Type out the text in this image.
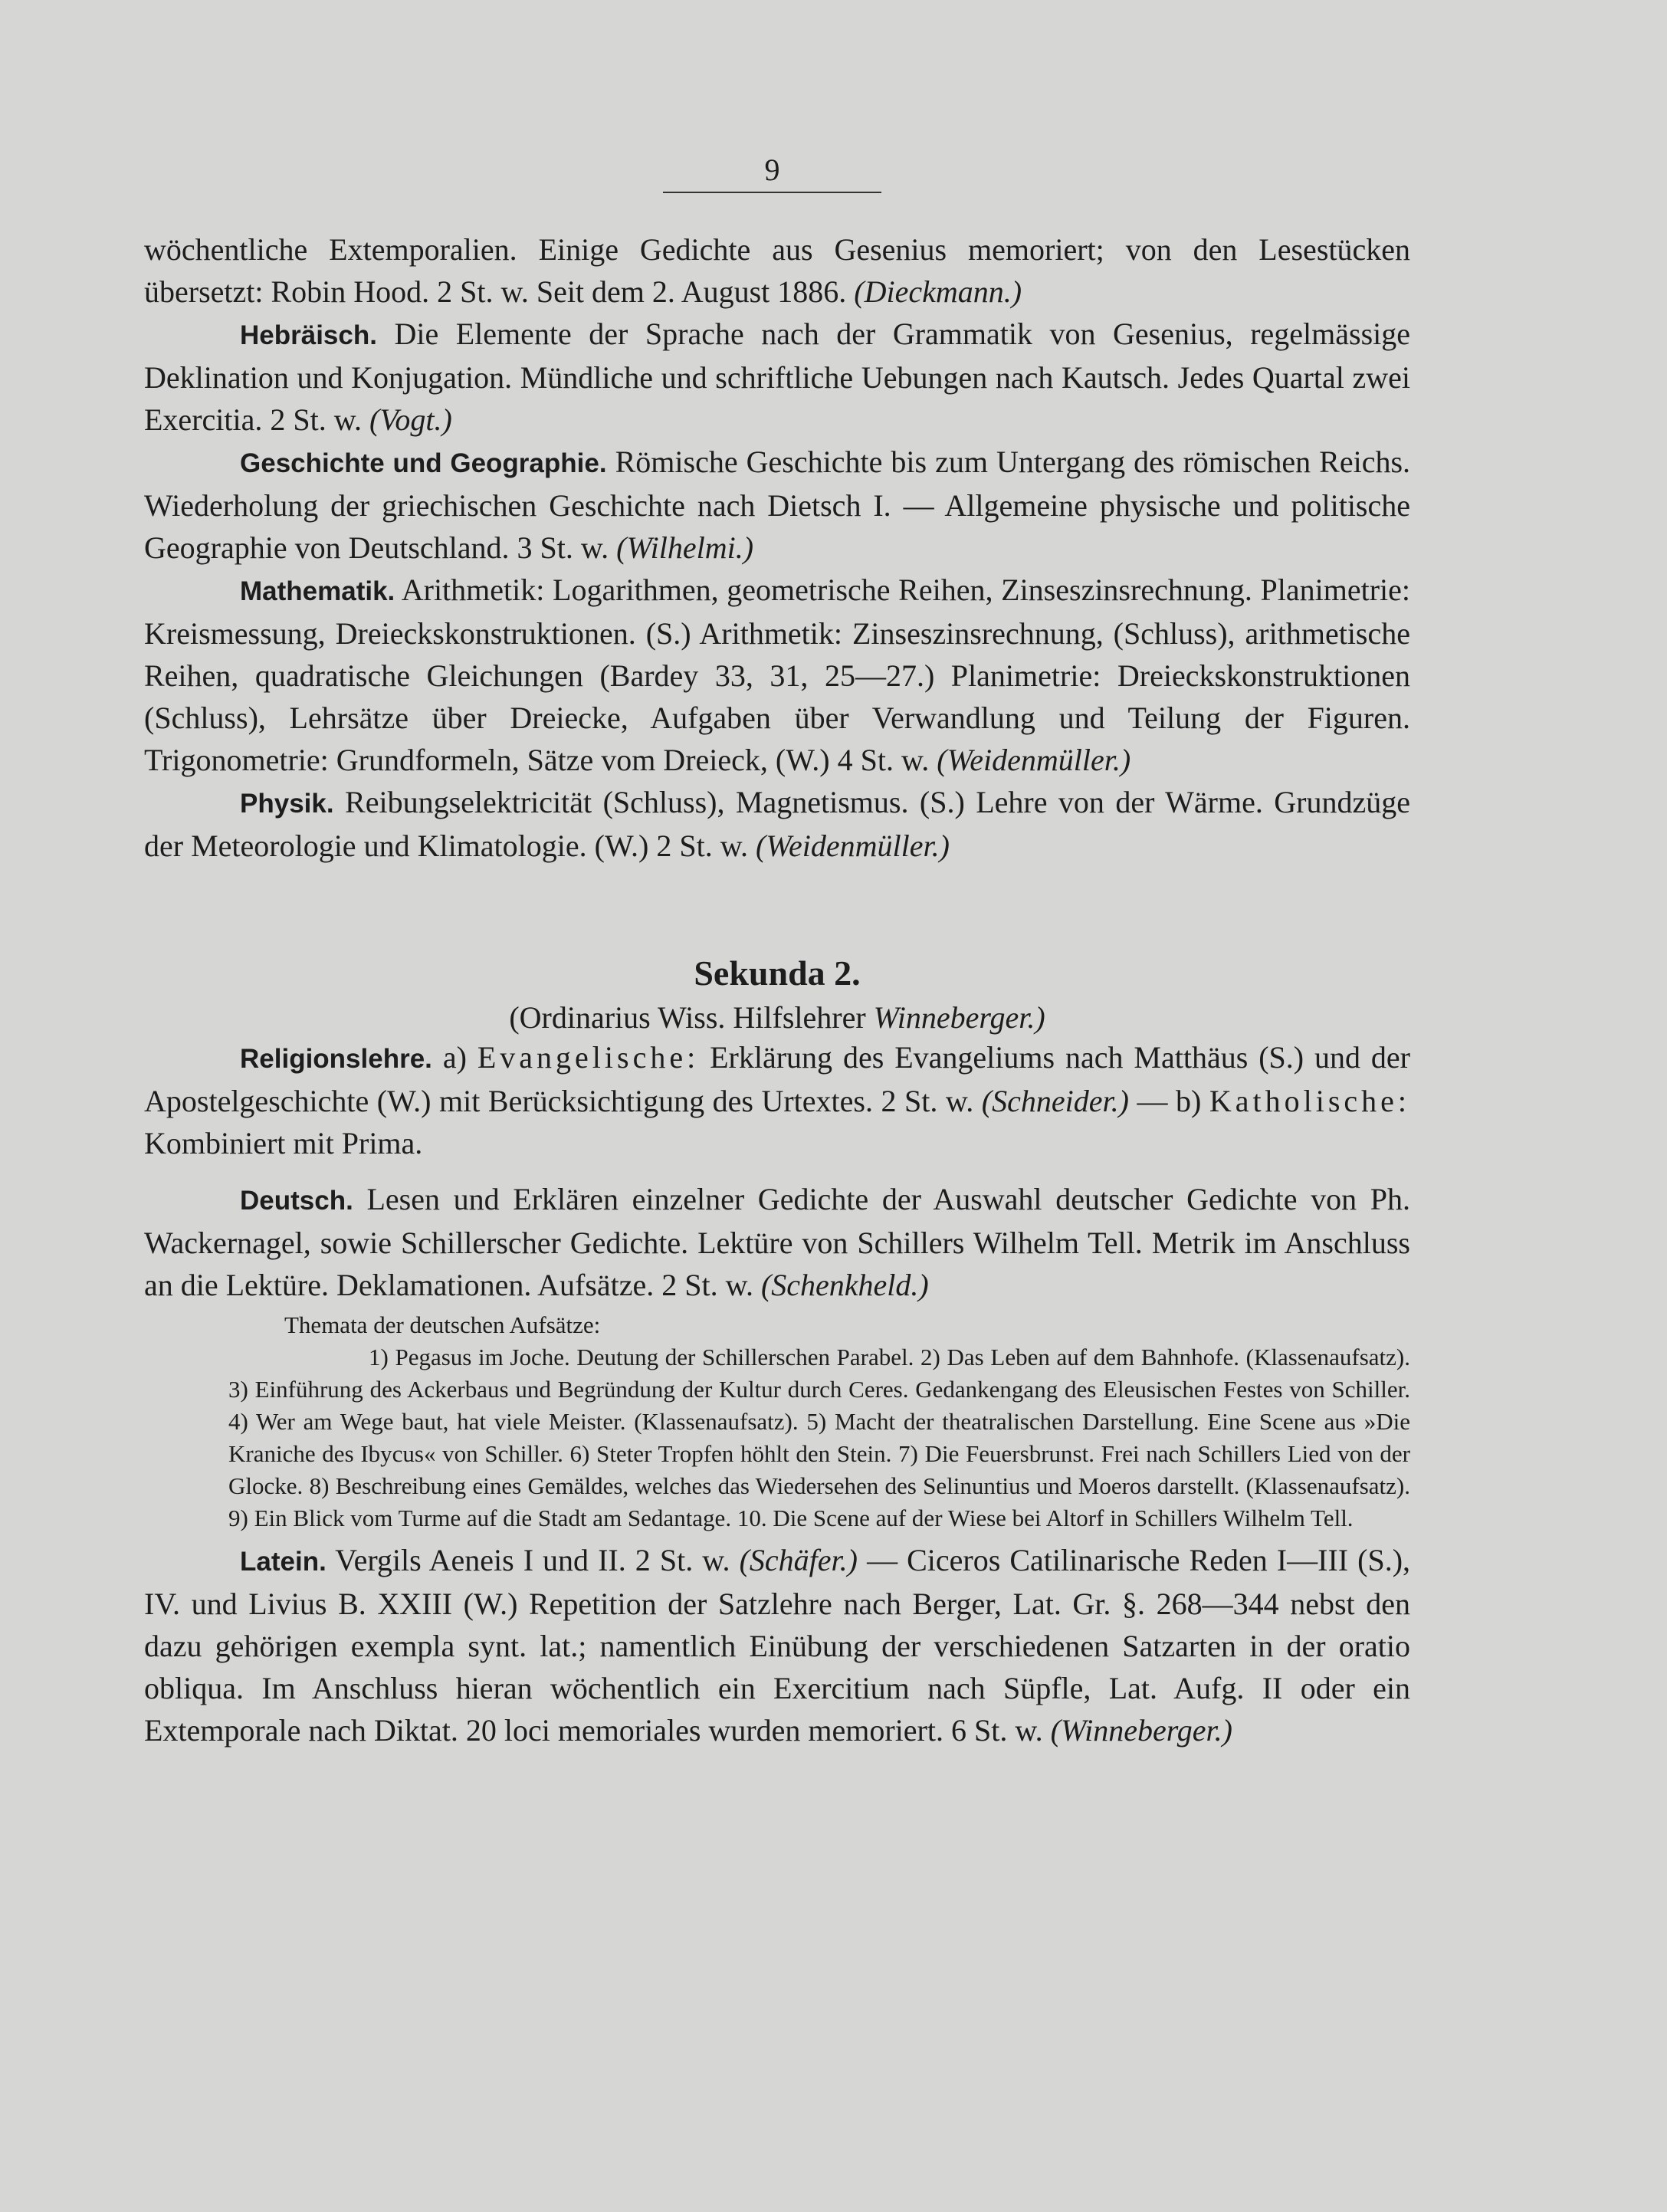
9

wöchentliche Extemporalien. Einige Gedichte aus Gesenius memoriert; von den Lesestücken übersetzt: Robin Hood. 2 St. w. Seit dem 2. August 1886. (Dieckmann.)

Hebräisch. Die Elemente der Sprache nach der Grammatik von Gesenius, regelmässige Deklination und Konjugation. Mündliche und schriftliche Uebungen nach Kautsch. Jedes Quartal zwei Exercitia. 2 St. w. (Vogt.)

Geschichte und Geographie. Römische Geschichte bis zum Untergang des römischen Reichs. Wiederholung der griechischen Geschichte nach Dietsch I. — Allgemeine physische und politische Geographie von Deutschland. 3 St. w. (Wilhelmi.)

Mathematik. Arithmetik: Logarithmen, geometrische Reihen, Zinseszinsrechnung. Planimetrie: Kreismessung, Dreieckskonstruktionen. (S.) Arithmetik: Zinseszinsrechnung, (Schluss), arithmetische Reihen, quadratische Gleichungen (Bardey 33, 31, 25—27.) Planimetrie: Dreieckskonstruktionen (Schluss), Lehrsätze über Dreiecke, Aufgaben über Verwandlung und Teilung der Figuren. Trigonometrie: Grundformeln, Sätze vom Dreieck, (W.) 4 St. w. (Weidenmüller.)

Physik. Reibungselektricität (Schluss), Magnetismus. (S.) Lehre von der Wärme. Grundzüge der Meteorologie und Klimatologie. (W.) 2 St. w. (Weidenmüller.)

Sekunda 2.

(Ordinarius Wiss. Hilfslehrer Winneberger.)

Religionslehre. a) Evangelische: Erklärung des Evangeliums nach Matthäus (S.) und der Apostelgeschichte (W.) mit Berücksichtigung des Urtextes. 2 St. w. (Schneider.) — b) Katholische: Kombiniert mit Prima.

Deutsch. Lesen und Erklären einzelner Gedichte der Auswahl deutscher Gedichte von Ph. Wackernagel, sowie Schillerscher Gedichte. Lektüre von Schillers Wilhelm Tell. Metrik im Anschluss an die Lektüre. Deklamationen. Aufsätze. 2 St. w. (Schenkheld.)

Themata der deutschen Aufsätze:

1) Pegasus im Joche. Deutung der Schillerschen Parabel. 2) Das Leben auf dem Bahnhofe. (Klassenaufsatz). 3) Einführung des Ackerbaus und Begründung der Kultur durch Ceres. Gedankengang des Eleusischen Festes von Schiller. 4) Wer am Wege baut, hat viele Meister. (Klassenaufsatz). 5) Macht der theatralischen Darstellung. Eine Scene aus »Die Kraniche des Ibycus« von Schiller. 6) Steter Tropfen höhlt den Stein. 7) Die Feuersbrunst. Frei nach Schillers Lied von der Glocke. 8) Beschreibung eines Gemäldes, welches das Wiedersehen des Selinuntius und Moeros darstellt. (Klassenaufsatz). 9) Ein Blick vom Turme auf die Stadt am Sedantage. 10. Die Scene auf der Wiese bei Altorf in Schillers Wilhelm Tell.

Latein. Vergils Aeneis I und II. 2 St. w. (Schäfer.) — Ciceros Catilinarische Reden I—III (S.), IV. und Livius B. XXIII (W.) Repetition der Satzlehre nach Berger, Lat. Gr. §. 268—344 nebst den dazu gehörigen exempla synt. lat.; namentlich Einübung der verschiedenen Satzarten in der oratio obliqua. Im Anschluss hieran wöchentlich ein Exercitium nach Süpfle, Lat. Aufg. II oder ein Extemporale nach Diktat. 20 loci memoriales wurden memoriert. 6 St. w. (Winneberger.)
